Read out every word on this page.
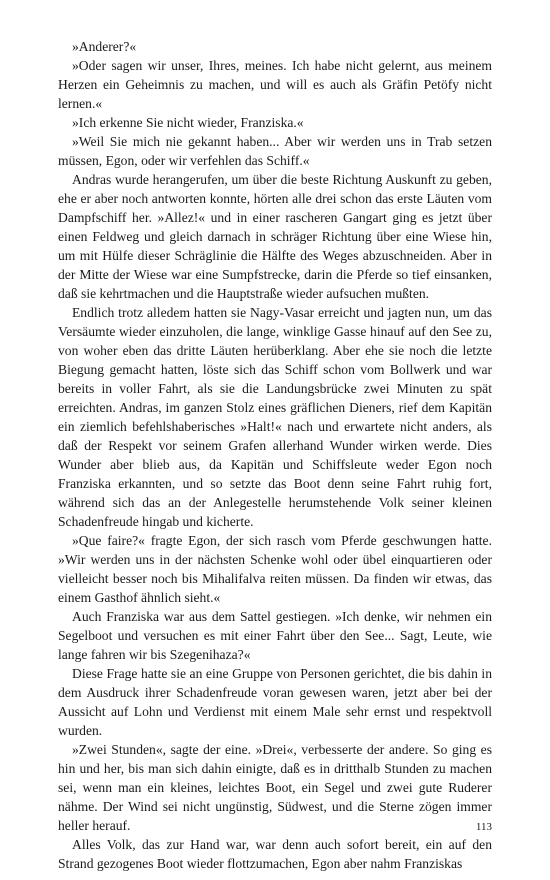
»Anderer?«

»Oder sagen wir unser, Ihres, meines. Ich habe nicht gelernt, aus meinem Herzen ein Geheimnis zu machen, und will es auch als Gräfin Petöfy nicht lernen.«

»Ich erkenne Sie nicht wieder, Franziska.«

»Weil Sie mich nie gekannt haben... Aber wir werden uns in Trab setzen müssen, Egon, oder wir verfehlen das Schiff.«

Andras wurde herangerufen, um über die beste Richtung Auskunft zu geben, ehe er aber noch antworten konnte, hörten alle drei schon das erste Läuten vom Dampfschiff her. »Allez!« und in einer rascheren Gangart ging es jetzt über einen Feldweg und gleich darnach in schräger Richtung über eine Wiese hin, um mit Hülfe dieser Schräglinie die Hälfte des Weges abzuschneiden. Aber in der Mitte der Wiese war eine Sumpfstrecke, darin die Pferde so tief einsanken, daß sie kehrtmachen und die Hauptstraße wieder aufsuchen mußten.

Endlich trotz alledem hatten sie Nagy-Vasar erreicht und jagten nun, um das Versäumte wieder einzuholen, die lange, winklige Gasse hinauf auf den See zu, von woher eben das dritte Läuten herüberklang. Aber ehe sie noch die letzte Biegung gemacht hatten, löste sich das Schiff schon vom Bollwerk und war bereits in voller Fahrt, als sie die Landungsbrücke zwei Minuten zu spät erreichten. Andras, im ganzen Stolz eines gräflichen Dieners, rief dem Kapitän ein ziemlich befehlshaberisches »Halt!« nach und erwartete nicht anders, als daß der Respekt vor seinem Grafen allerhand Wunder wirken werde. Dies Wunder aber blieb aus, da Kapitän und Schiffsleute weder Egon noch Franziska erkannten, und so setzte das Boot denn seine Fahrt ruhig fort, während sich das an der Anlegestelle herumstehende Volk seiner kleinen Schadenfreude hingab und kicherte.

»Que faire?« fragte Egon, der sich rasch vom Pferde geschwungen hatte. »Wir werden uns in der nächsten Schenke wohl oder übel einquartieren oder vielleicht besser noch bis Mihalifalva reiten müssen. Da finden wir etwas, das einem Gasthof ähnlich sieht.«

Auch Franziska war aus dem Sattel gestiegen. »Ich denke, wir nehmen ein Segelboot und versuchen es mit einer Fahrt über den See... Sagt, Leute, wie lange fahren wir bis Szegenihaza?«

Diese Frage hatte sie an eine Gruppe von Personen gerichtet, die bis dahin in dem Ausdruck ihrer Schadenfreude voran gewesen waren, jetzt aber bei der Aussicht auf Lohn und Verdienst mit einem Male sehr ernst und respektvoll wurden.

»Zwei Stunden«, sagte der eine. »Drei«, verbesserte der andere. So ging es hin und her, bis man sich dahin einigte, daß es in dritthalb Stunden zu machen sei, wenn man ein kleines, leichtes Boot, ein Segel und zwei gute Ruderer nähme. Der Wind sei nicht ungünstig, Südwest, und die Sterne zögen immer heller herauf.

Alles Volk, das zur Hand war, war denn auch sofort bereit, ein auf den Strand gezogenes Boot wieder flottzumachen, Egon aber nahm Franziskas

113
